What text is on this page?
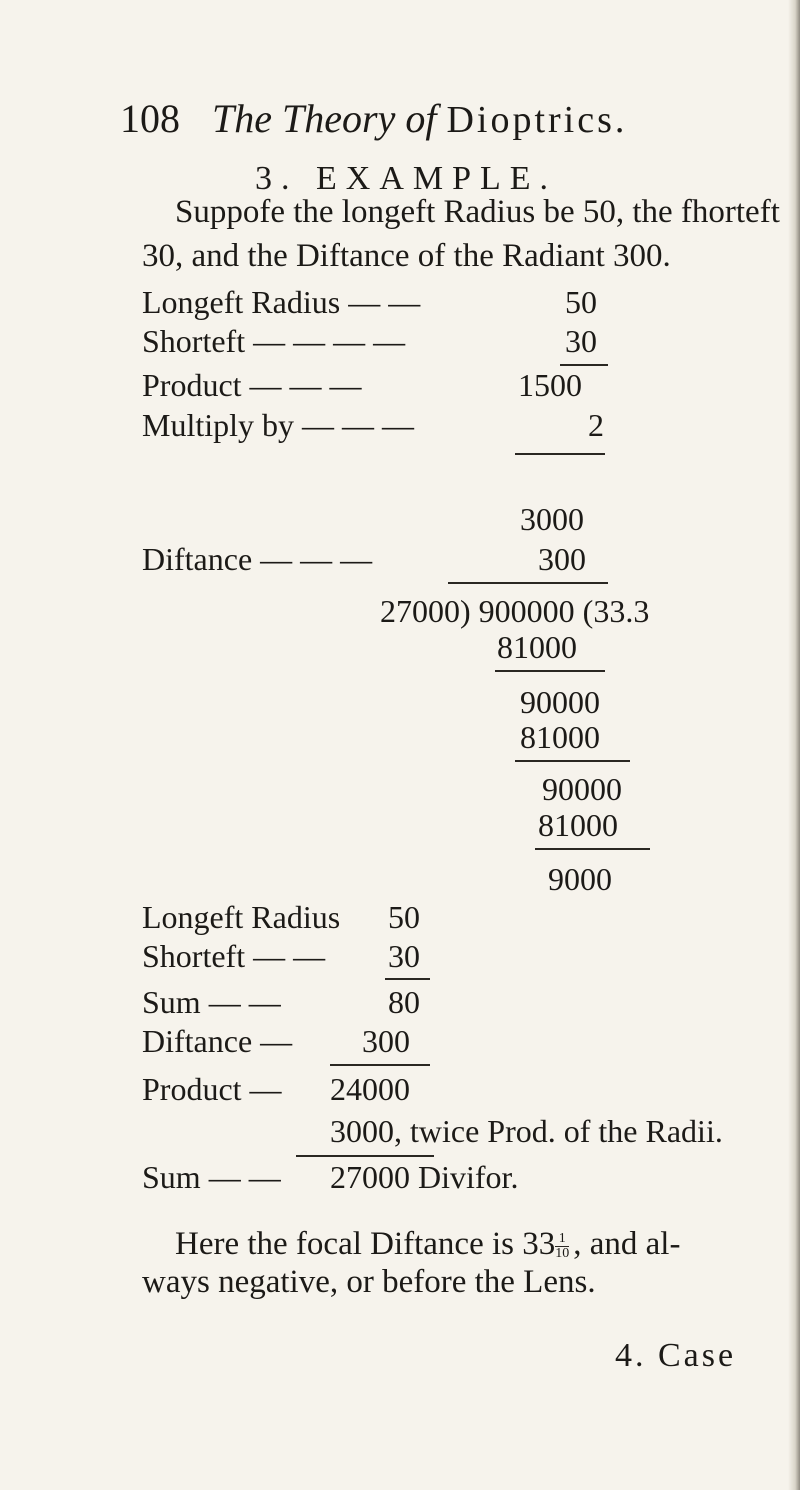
108 The Theory of Dioptrics.
3. EXAMPLE.
Suppofe the longeft Radius be 50, the fhorteft
30, and the Diftance of the Radiant 300.
Longeft Radius — —	50
Shorteft — — — —	30
Product — — —	1500
Multiply by — — —	2
3000
Diftance — — —	300
27000) 900000 (33.3
81000
90000
81000
90000
81000
9000
Longeft Radius 50
Shorteft — — 30
Sum — —	80
Diftance — 300
Product — 24000
3000, twice Prod. of the Radii.
Sum — — 27000 Divifor.
Here the focal Diftance is $33 \frac{1}{10}$ , and al-
ways negative, or before the Lens.
4. Case
